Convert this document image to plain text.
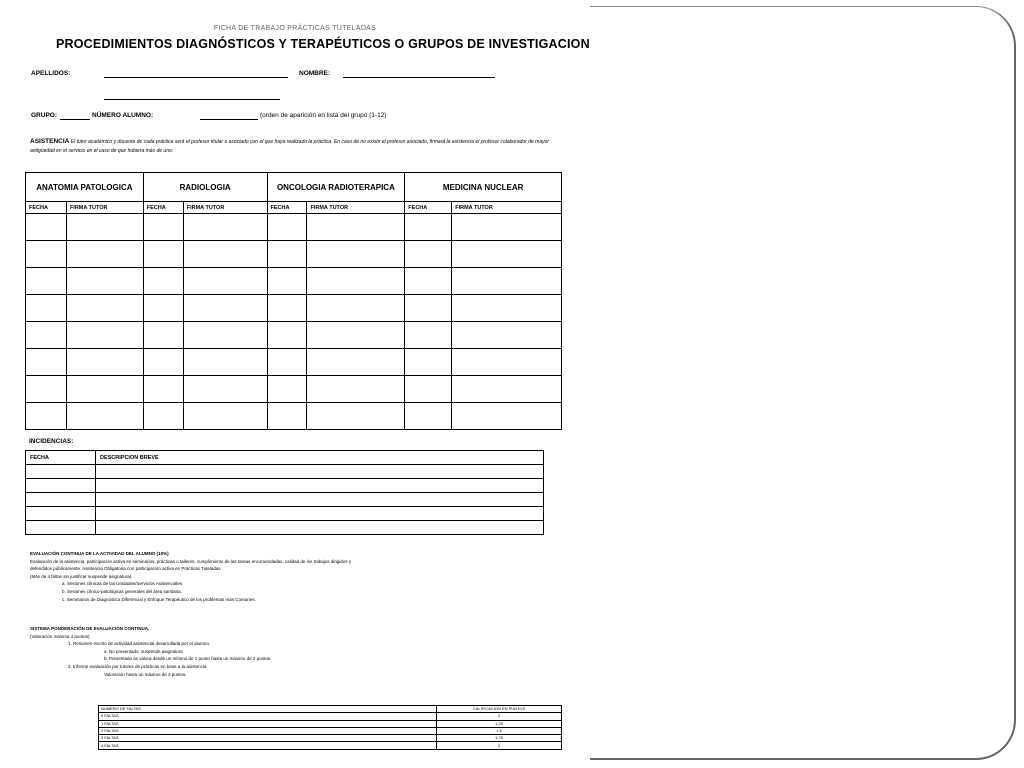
FICHA DE TRABAJO PRÁCTICAS TUTELADAS
PROCEDIMIENTOS DIAGNÓSTICOS Y TERAPÉUTICOS O GRUPOS DE INVESTIGACION
APELLIDOS:	NOMBRE:
GRUPO:	NÚMERO ALUMNO:	(orden de aparición en lista del grupo (1-12)
ASISTENCIA El tutor académico y docente de cada práctica será el profesor titular o asociado con el que haya realizado la práctica. En caso de no existir el profesor asociado, firmará la asistencia el profesor colaborador de mayor antigüedad en el servicio en el caso de que hubiera más de uno.
ANATOMIA PATOLOGICA		RADIOLOGIA		ONCOLOGIA RADIOTERAPICA		MEDICINA NUCLEAR	
FECHA	FIRMA TUTOR	FECHA	FIRMA TUTOR	FECHA	FIRMA TUTOR	FECHA	FIRMA TUTOR

INCIDENCIAS:
FECHA	DESCRIPCION BREVE

EVALUACIÓN CONTINUA DE LA ACTIVIDAD DEL ALUMNO (10%)
Evaluación de la asistencia, participación activa en seminarios, prácticas o talleres, cumplimiento de las tareas encomendadas, calidad de los trabajos dirigidos y
defendidos públicamente. Asistencia Obligatoria con participación activa en Prácticas Tuteladas
(Más de 4 faltas sin justificar suspende asignatura)
a. Sesiones clínicas de las Unidades/Servicios Asistenciales.
b. Sesiones clínico-patológicas generales del área sanitaria.
c. Seminarios de Diagnóstico Diferencial y Enfoque Terapéutico de los problemas más Comunes.
SISTEMA PONDERACIÓN DE EVALUACIÓN CONTINUA.
(Valoración máxima 4 puntos)
1. Resumen escrito de actividad asistencial desarrollada por el alumno.
a. No presentado: suspende asignatura
b. Presentado se valora desde un mínimo de 1 punto hasta un máximo de 2 puntos.
2. Informe evaluación por tutores de prácticas en base a la asistencia
Valoración hasta un máximo de 2 puntos.
NUMERO DE FALTAS	CALIFICACION EN PUNTOS
0 FALTAS	2
1 FALTAS	1,25
2 FALTAS	1,5
3 FALTAS	1,75
4 FALTAS	2
